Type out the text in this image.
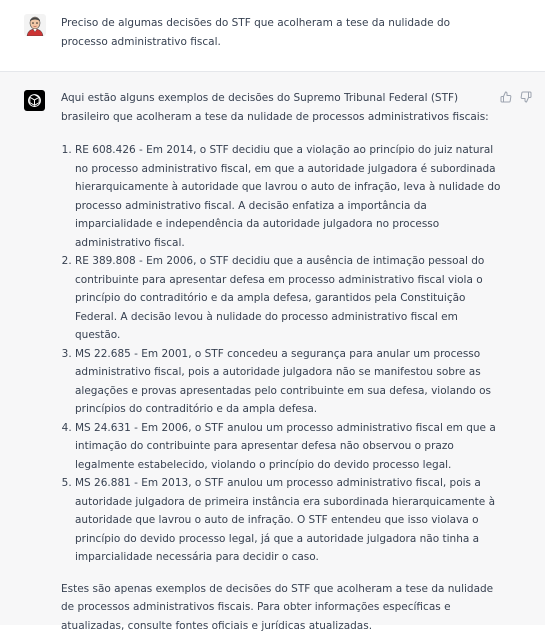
Preciso de algumas decisões do STF que acolheram a tese da nulidade do processo administrativo fiscal.

Aqui estão alguns exemplos de decisões do Supremo Tribunal Federal (STF) brasileiro que acolheram a tese da nulidade de processos administrativos fiscais:

1. RE 608.426 - Em 2014, o STF decidiu que a violação ao princípio do juiz natural no processo administrativo fiscal, em que a autoridade julgadora é subordinada hierarquicamente à autoridade que lavrou o auto de infração, leva à nulidade do processo administrativo fiscal. A decisão enfatiza a importância da imparcialidade e independência da autoridade julgadora no processo administrativo fiscal.
2. RE 389.808 - Em 2006, o STF decidiu que a ausência de intimação pessoal do contribuinte para apresentar defesa em processo administrativo fiscal viola o princípio do contraditório e da ampla defesa, garantidos pela Constituição Federal. A decisão levou à nulidade do processo administrativo fiscal em questão.
3. MS 22.685 - Em 2001, o STF concedeu a segurança para anular um processo administrativo fiscal, pois a autoridade julgadora não se manifestou sobre as alegações e provas apresentadas pelo contribuinte em sua defesa, violando os princípios do contraditório e da ampla defesa.
4. MS 24.631 - Em 2006, o STF anulou um processo administrativo fiscal em que a intimação do contribuinte para apresentar defesa não observou o prazo legalmente estabelecido, violando o princípio do devido processo legal.
5. MS 26.881 - Em 2013, o STF anulou um processo administrativo fiscal, pois a autoridade julgadora de primeira instância era subordinada hierarquicamente à autoridade que lavrou o auto de infração. O STF entendeu que isso violava o princípio do devido processo legal, já que a autoridade julgadora não tinha a imparcialidade necessária para decidir o caso.

Estes são apenas exemplos de decisões do STF que acolheram a tese da nulidade de processos administrativos fiscais. Para obter informações específicas e atualizadas, consulte fontes oficiais e jurídicas atualizadas.
